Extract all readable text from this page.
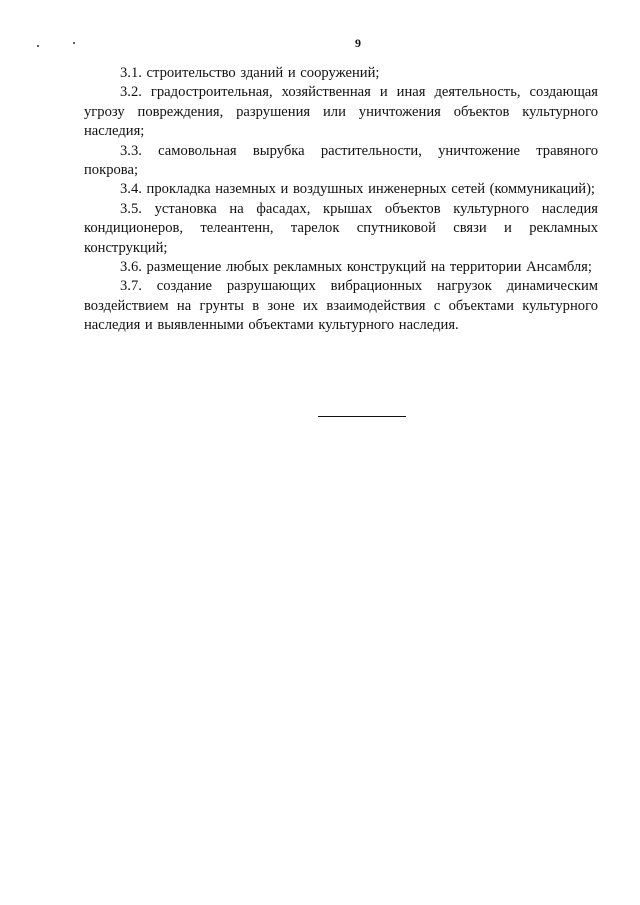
9

3.1. строительство зданий и сооружений;

3.2. градостроительная, хозяйственная и иная деятельность, создающая угрозу повреждения, разрушения или уничтожения объектов культурного наследия;

3.3. самовольная вырубка растительности, уничтожение травяного покрова;

3.4. прокладка наземных и воздушных инженерных сетей (коммуникаций);

3.5. установка на фасадах, крышах объектов культурного наследия кондиционеров, телеантенн, тарелок спутниковой связи и рекламных конструкций;

3.6. размещение любых рекламных конструкций на территории Ансамбля;

3.7. создание разрушающих вибрационных нагрузок динамическим воздействием на грунты в зоне их взаимодействия с объектами культурного наследия и выявленными объектами культурного наследия.
